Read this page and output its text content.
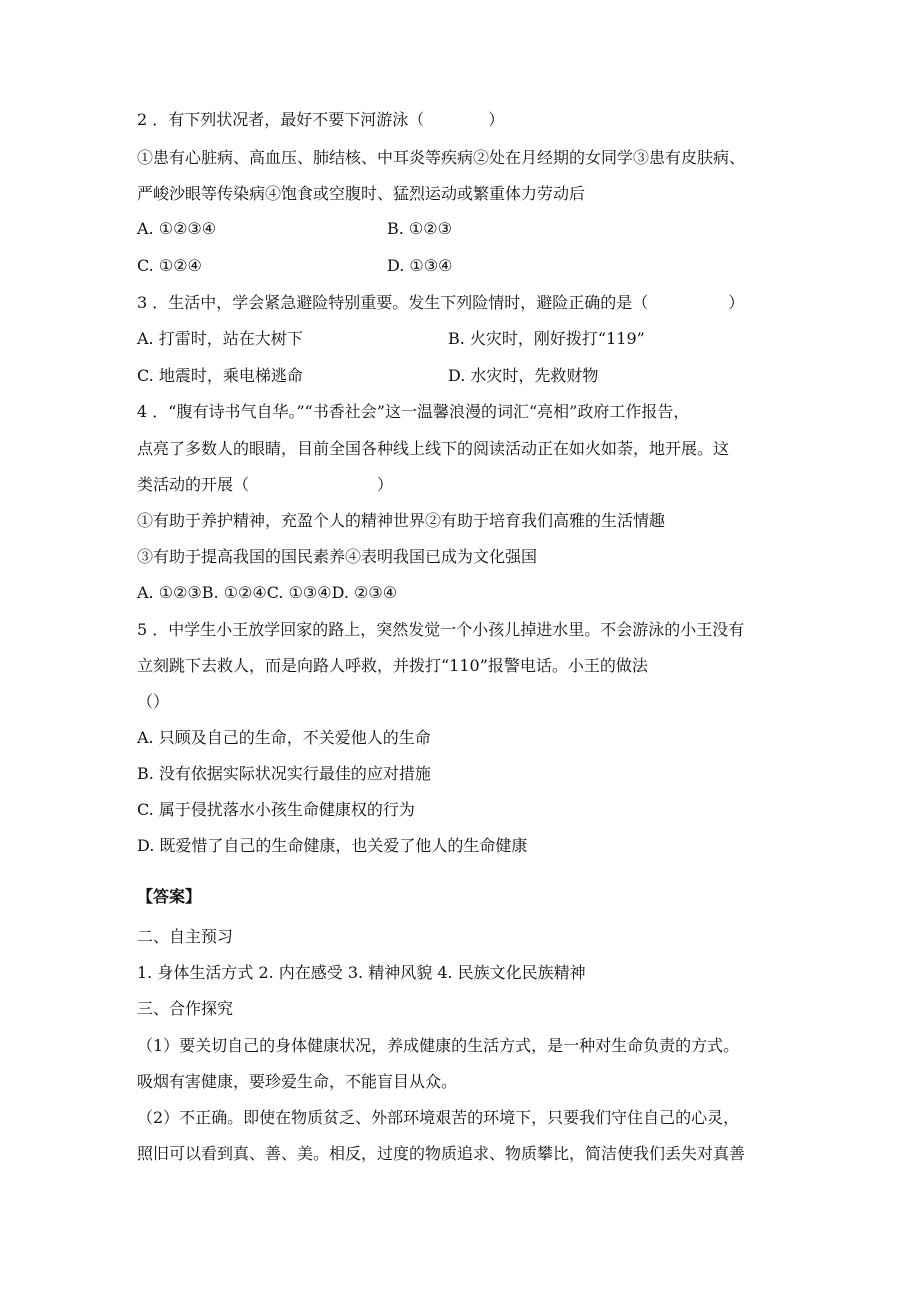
2 ．有下列状况者，最好不要下河游泳（　　　　）
①患有心脏病、高血压、肺结核、中耳炎等疾病②处在月经期的女同学③患有皮肤病、
严峻沙眼等传染病④饱食或空腹时、猛烈运动或繁重体力劳动后
A. ①②③④	B. ①②③
C. ①②④	D. ①③④
3 ．生活中，学会紧急避险特别重要。发生下列险情时，避险正确的是（　　　　　）
A. 打雷时，站在大树下	B. 火灾时，刚好拨打“119”
C. 地震时，乘电梯逃命	D. 水灾时，先救财物
4 ．“腹有诗书气自华。”“书香社会”这一温馨浪漫的词汇“亮相”政府工作报告，
点亮了多数人的眼睛，目前全国各种线上线下的阅读活动正在如火如荼，地开展。这
类活动的开展（　　　　　　　　）
①有助于养护精神，充盈个人的精神世界②有助于培育我们高雅的生活情趣
③有助于提高我国的国民素养④表明我国已成为文化强国
A. ①②③B. ①②④C. ①③④D. ②③④
5 ．中学生小王放学回家的路上，突然发觉一个小孩儿掉进水里。不会游泳的小王没有
立刻跳下去救人，而是向路人呼救，并拨打“110”报警电话。小王的做法
（）
A. 只顾及自己的生命，不关爱他人的生命
B. 没有依据实际状况实行最佳的应对措施
C. 属于侵扰落水小孩生命健康权的行为
D. 既爱惜了自己的生命健康，也关爱了他人的生命健康
【答案】
二、自主预习
1. 身体生活方式 2. 内在感受 3. 精神风貌 4. 民族文化民族精神
三、合作探究
（1）要关切自己的身体健康状况，养成健康的生活方式，是一种对生命负责的方式。
吸烟有害健康，要珍爱生命，不能盲目从众。
（2）不正确。即使在物质贫乏、外部环境艰苦的环境下，只要我们守住自己的心灵，
照旧可以看到真、善、美。相反，过度的物质追求、物质攀比，简洁使我们丢失对真善
